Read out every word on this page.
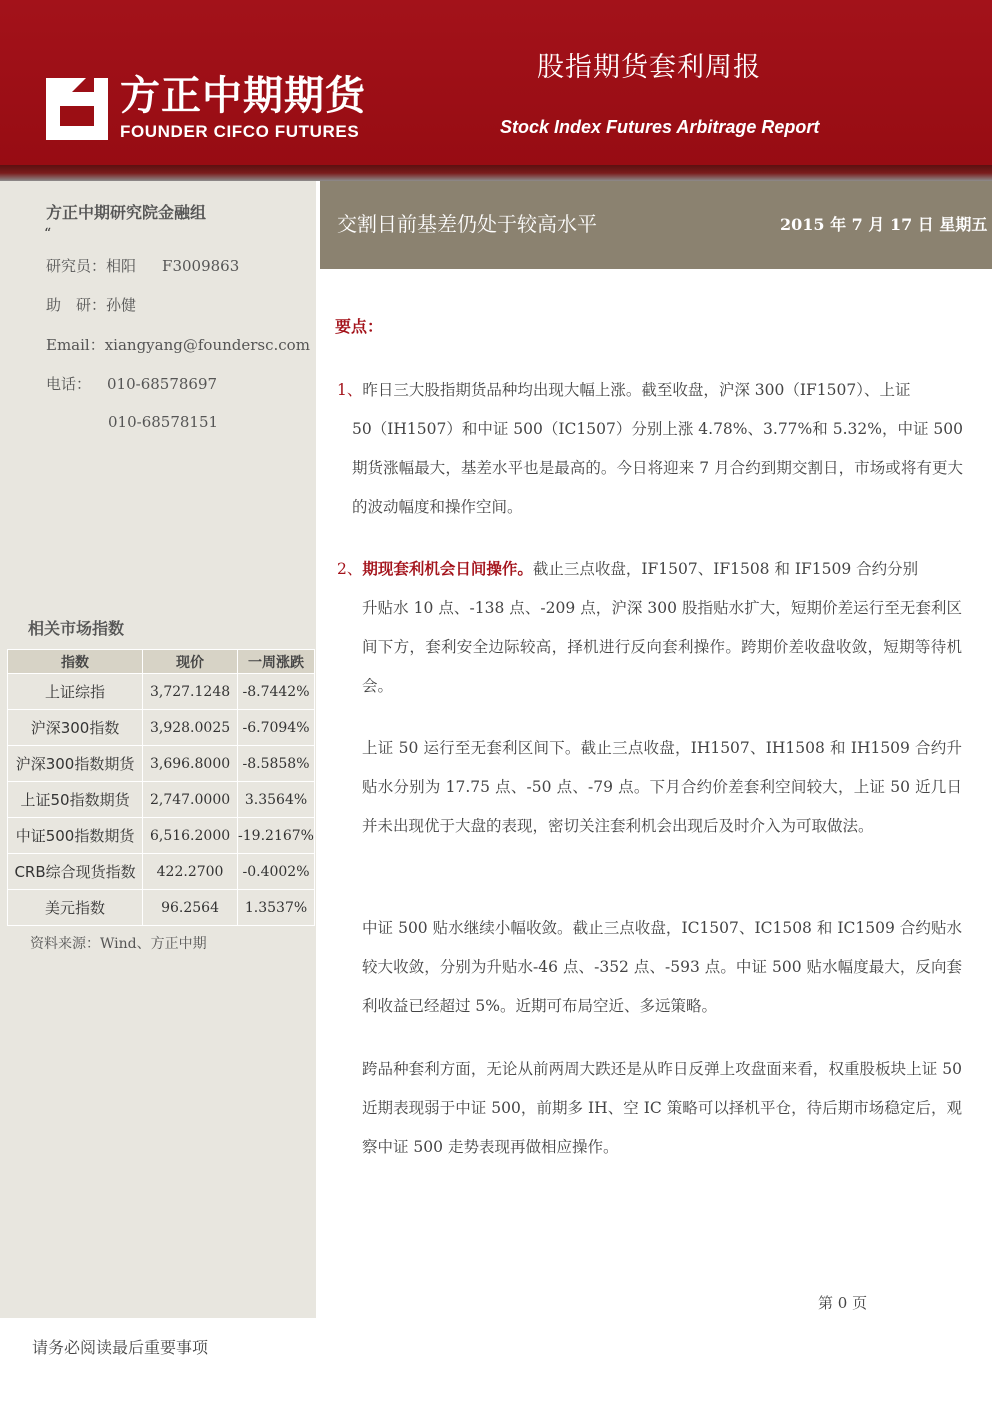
方正中期期货
FOUNDER CIFCO FUTURES
股指期货套利周报
Stock Index Futures Arbitrage Report
方正中期研究院金融组
“
研究员：相阳 F3009863
助　研：孙健
Email：xiangyang@foundersc.com
电话： 010-68578697
010-68578151
相关市场指数
指数	现价	一周涨跌
上证综指	3,727.1248	-8.7442%
沪深300指数	3,928.0025	-6.7094%
沪深300指数期货	3,696.8000	-8.5858%
上证50指数期货	2,747.0000	3.3564%
中证500指数期货	6,516.2000	-19.2167%
CRB综合现货指数	422.2700	-0.4002%
美元指数	96.2564	1.3537%
资料来源：Wind、方正中期
交割日前基差仍处于较高水平	2015 年 7 月 17 日 星期五
要点：
1、昨日三大股指期货品种均出现大幅上涨。截至收盘，沪深 300（IF1507）、上证
50（IH1507）和中证 500（IC1507）分别上涨 4.78%、3.77%和 5.32%，中证 500 期货涨幅最大，基差水平也是最高的。今日将迎来 7 月合约到期交割日，市场或将有更大的波动幅度和操作空间。
2、期现套利机会日间操作。截止三点收盘，IF1507、IF1508 和 IF1509 合约分别
升贴水 10 点、-138 点、-209 点，沪深 300 股指贴水扩大，短期价差运行至无套利区间下方，套利安全边际较高，择机进行反向套利操作。跨期价差收盘收敛，短期等待机会。
上证 50 运行至无套利区间下。截止三点收盘，IH1507、IH1508 和 IH1509 合约升贴水分别为 17.75 点、-50 点、-79 点。下月合约价差套利空间较大，上证 50 近几日并未出现优于大盘的表现，密切关注套利机会出现后及时介入为可取做法。
中证 500 贴水继续小幅收敛。截止三点收盘，IC1507、IC1508 和 IC1509 合约贴水较大收敛，分别为升贴水-46 点、-352 点、-593 点。中证 500 贴水幅度最大，反向套利收益已经超过 5%。近期可布局空近、多远策略。
跨品种套利方面，无论从前两周大跌还是从昨日反弹上攻盘面来看，权重股板块上证 50 近期表现弱于中证 500，前期多 IH、空 IC 策略可以择机平仓，待后期市场稳定后，观察中证 500 走势表现再做相应操作。
第 0 页
请务必阅读最后重要事项
